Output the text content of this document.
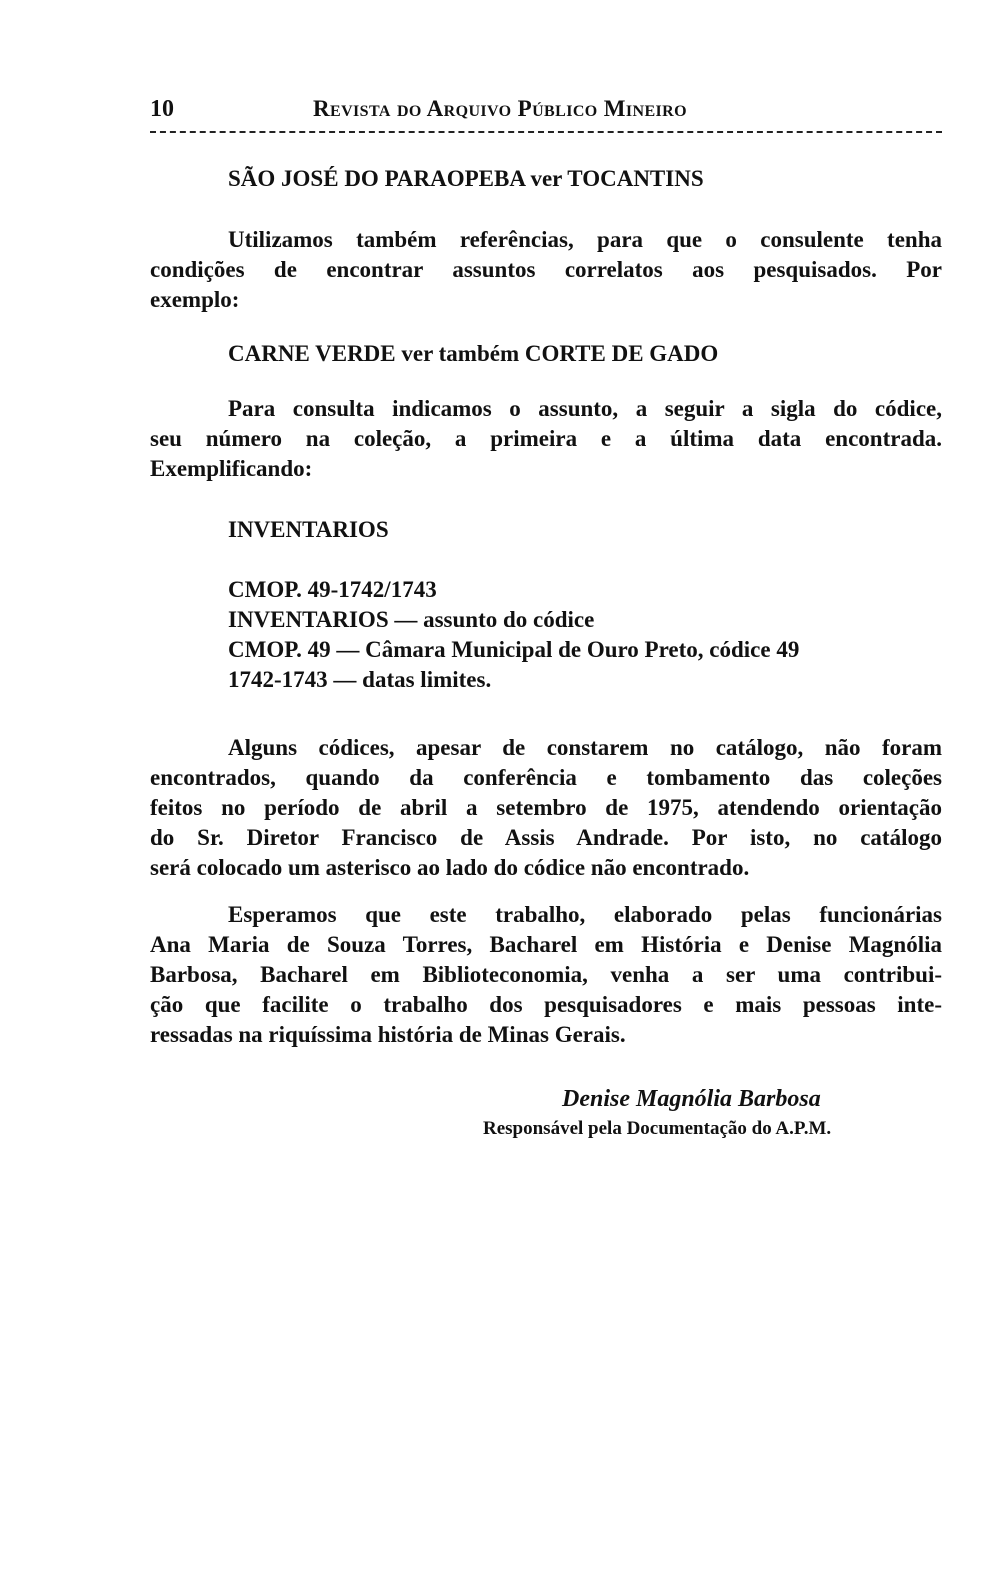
10	Revista do Arquivo Público Mineiro
SÃO JOSÉ DO PARAOPEBA ver TOCANTINS
Utilizamos também referências, para que o consulente tenha
condições de encontrar assuntos correlatos aos pesquisados. Por
exemplo:
CARNE VERDE ver também CORTE DE GADO
Para consulta indicamos o assunto, a seguir a sigla do códice,
seu número na coleção, a primeira e a última data encontrada.
Exemplificando:
INVENTARIOS
CMOP. 49-1742/1743
INVENTARIOS — assunto do códice
CMOP. 49 — Câmara Municipal de Ouro Preto, códice 49
1742-1743 — datas limites.
Alguns códices, apesar de constarem no catálogo, não foram
encontrados, quando da conferência e tombamento das coleções
feitos no período de abril a setembro de 1975, atendendo orientação
do Sr. Diretor Francisco de Assis Andrade. Por isto, no catálogo
será colocado um asterisco ao lado do códice não encontrado.
Esperamos que este trabalho, elaborado pelas funcionárias
Ana Maria de Souza Torres, Bacharel em História e Denise Magnólia
Barbosa, Bacharel em Biblioteconomia, venha a ser uma contribui-
ção que facilite o trabalho dos pesquisadores e mais pessoas inte-
ressadas na riquíssima história de Minas Gerais.
Denise Magnólia Barbosa
Responsável pela Documentação do A.P.M.
